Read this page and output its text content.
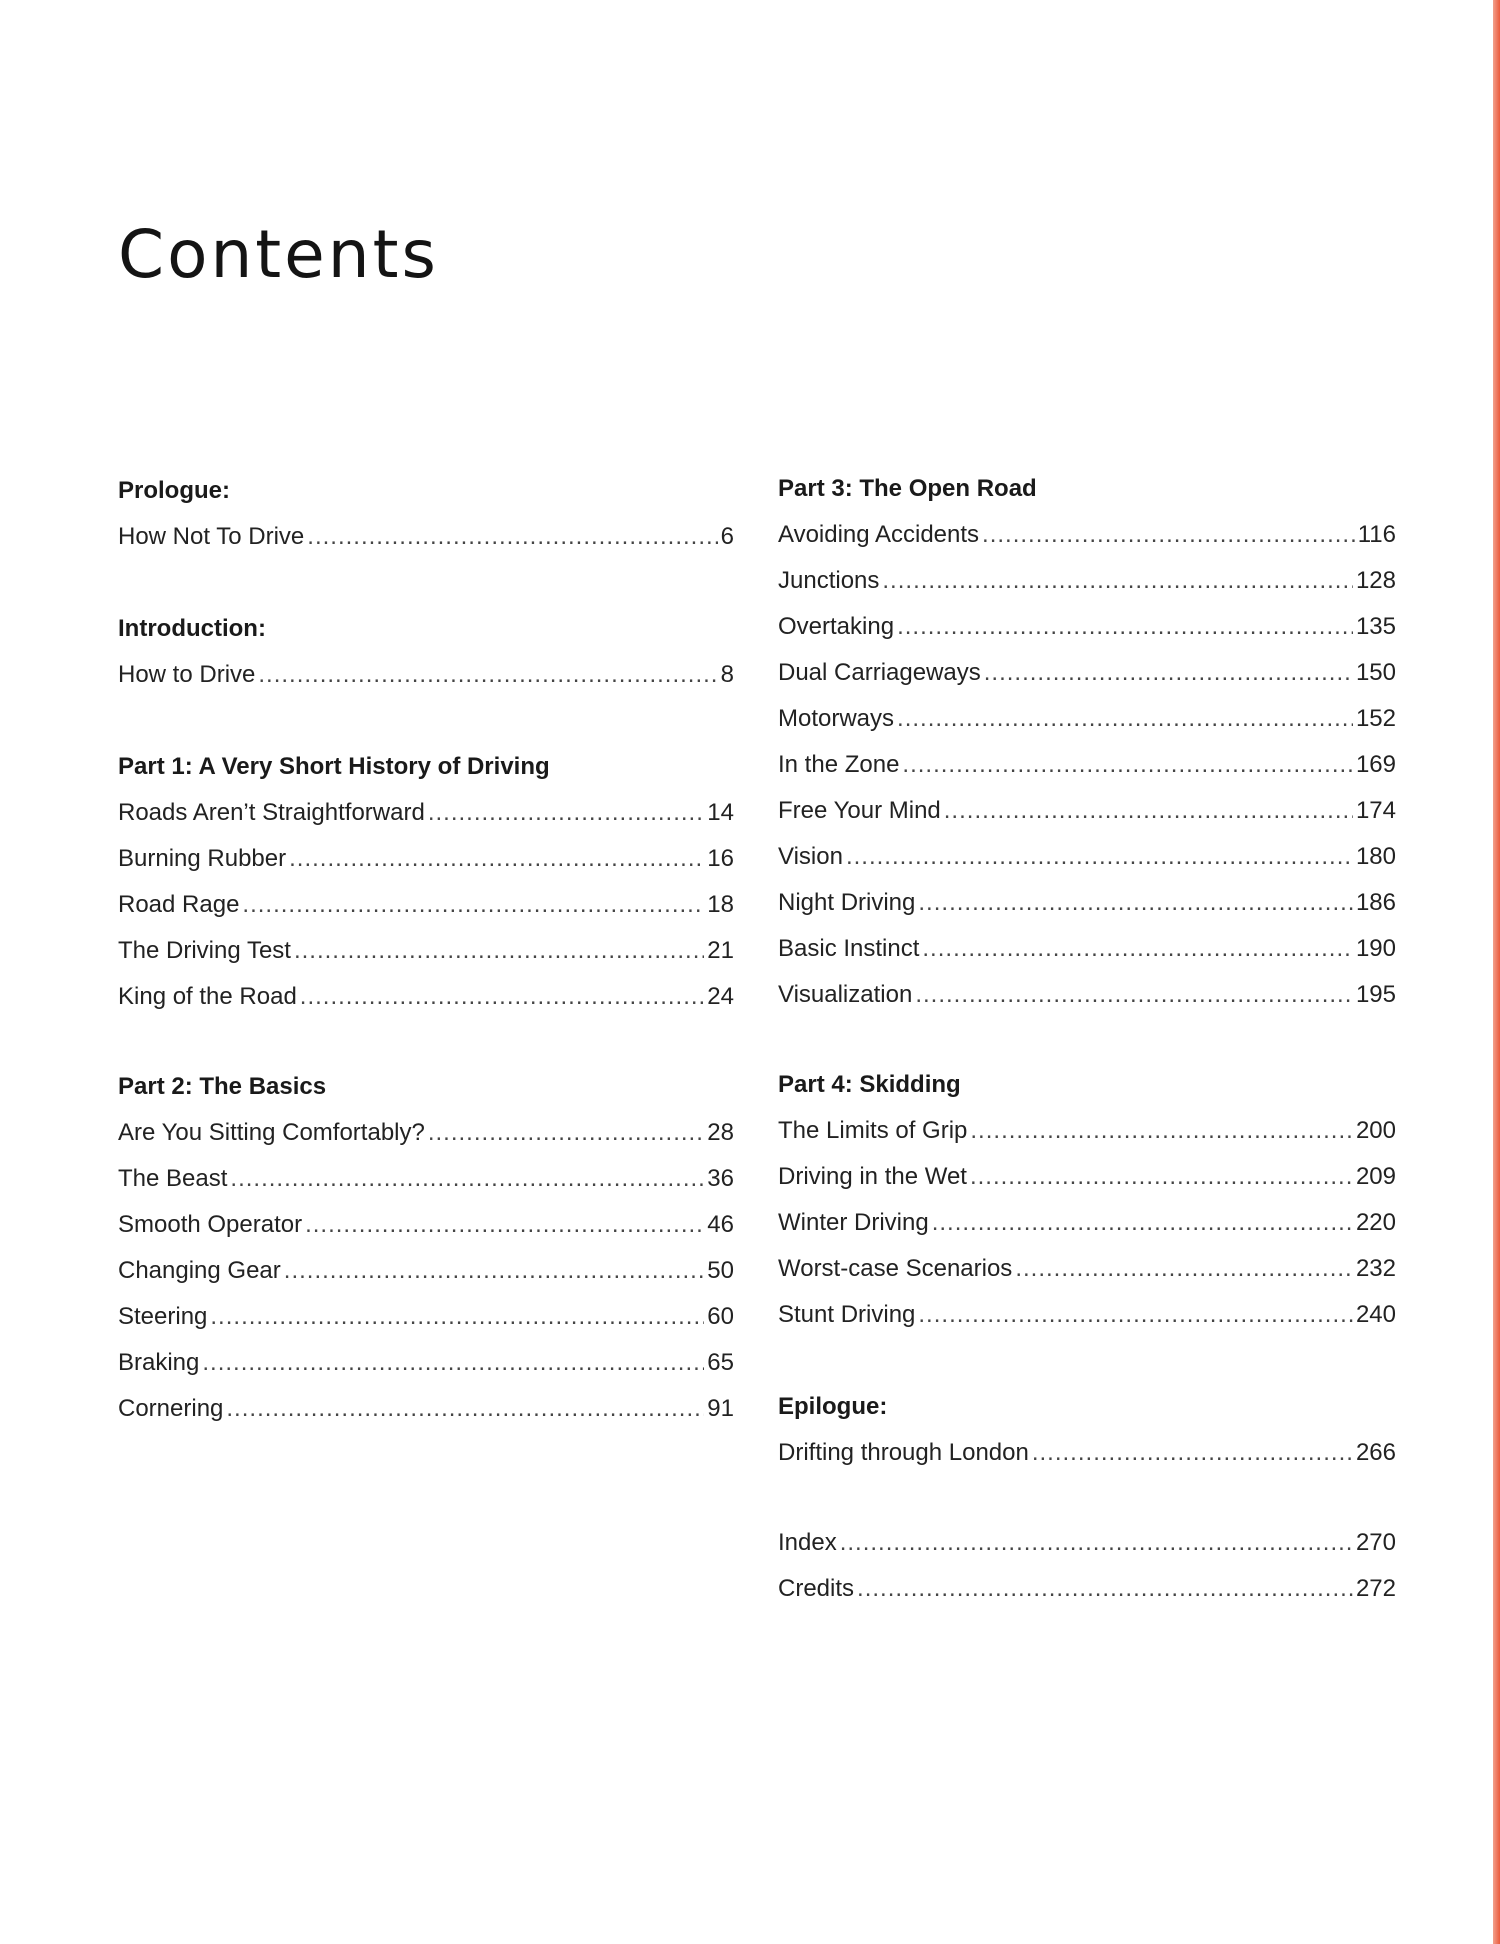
Contents
Prologue:
How Not To Drive .....	6
Introduction:
How to Drive .....	8
Part 1: A Very Short History of Driving
Roads Aren’t Straightforward .....	14
Burning Rubber .....	16
Road Rage .....	18
The Driving Test .....	21
King of the Road .....	24
Part 2: The Basics
Are You Sitting Comfortably? .....	28
The Beast .....	36
Smooth Operator .....	46
Changing Gear .....	50
Steering .....	60
Braking .....	65
Cornering .....	91
Part 3: The Open Road
Avoiding Accidents .....	116
Junctions .....	128
Overtaking .....	135
Dual Carriageways .....	150
Motorways .....	152
In the Zone .....	169
Free Your Mind .....	174
Vision .....	180
Night Driving .....	186
Basic Instinct .....	190
Visualization .....	195
Part 4: Skidding
The Limits of Grip .....	200
Driving in the Wet .....	209
Winter Driving .....	220
Worst-case Scenarios .....	232
Stunt Driving .....	240
Epilogue:
Drifting through London .....	266
Index .....	270
Credits .....	272
